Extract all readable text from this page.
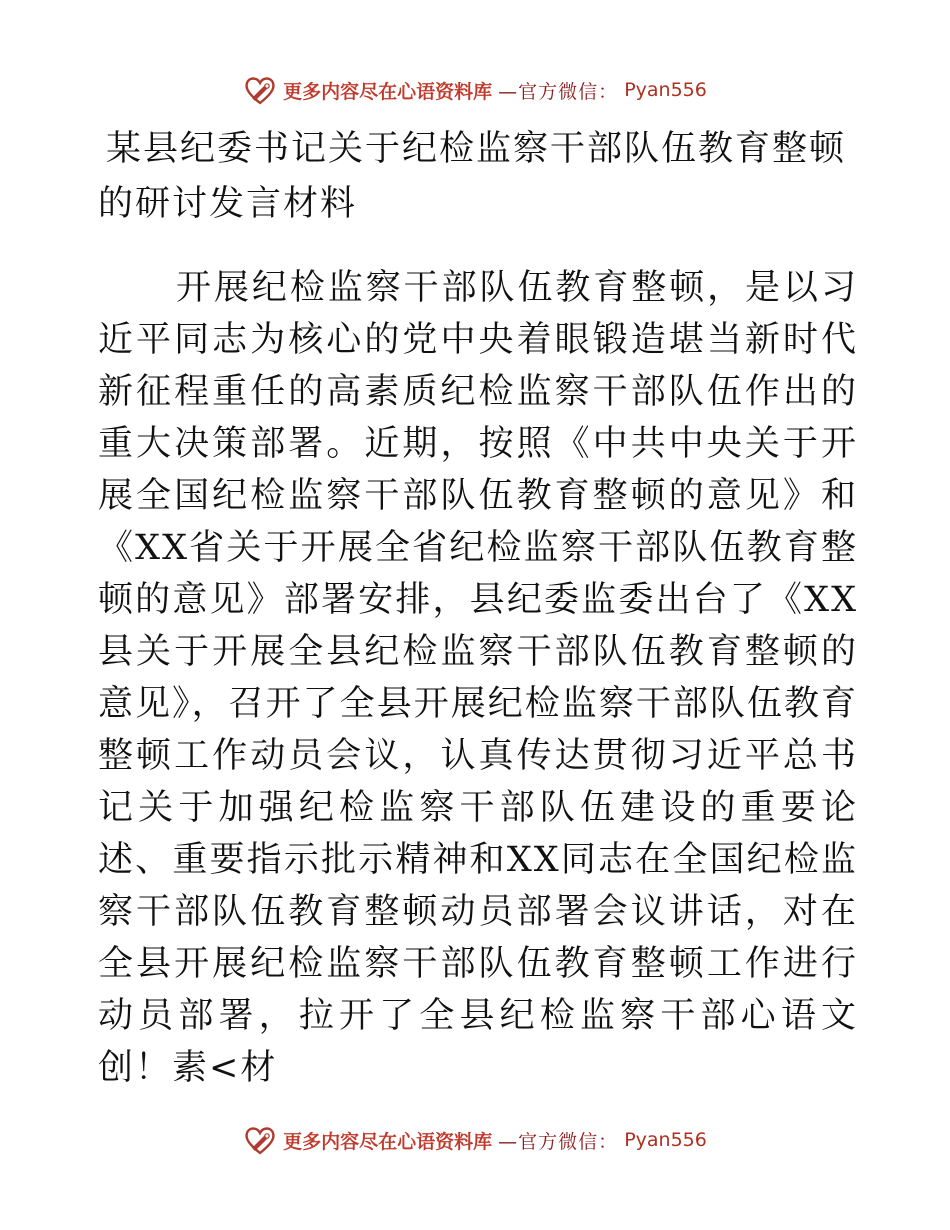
更多内容尽在心语资料库 —官方微信： Pyan556
某县纪委书记关于纪检监察干部队伍教育整顿的研讨发言材料

开展纪检监察干部队伍教育整顿，是以习近平同志为核心的党中央着眼锻造堪当新时代新征程重任的高素质纪检监察干部队伍作出的重大决策部署。近期，按照《中共中央关于开展全国纪检监察干部队伍教育整顿的意见》和《XX省关于开展全省纪检监察干部队伍教育整顿的意见》部署安排，县纪委监委出台了《XX县关于开展全县纪检监察干部队伍教育整顿的意见》，召开了全县开展纪检监察干部队伍教育整顿工作动员会议，认真传达贯彻习近平总书记关于加强纪检监察干部队伍建设的重要论述、重要指示批示精神和XX同志在全国纪检监察干部队伍教育整顿动员部署会议讲话，对在全县开展纪检监察干部队伍教育整顿工作进行动员部署，拉开了全县纪检监察干部心语文创！素<材

更多内容尽在心语资料库 —官方微信： Pyan556
